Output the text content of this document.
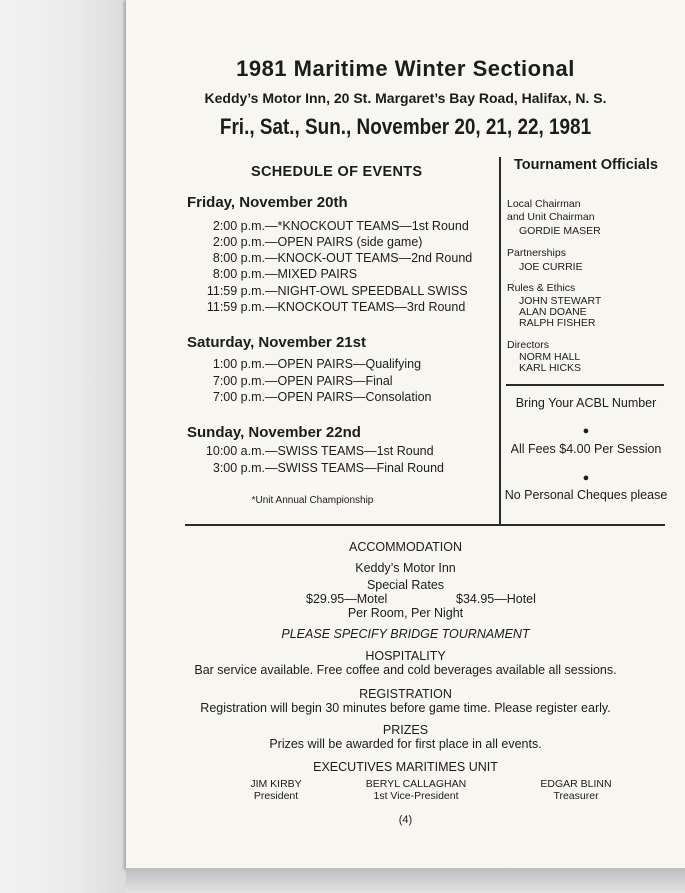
1981 Maritime Winter Sectional
Keddy’s Motor Inn, 20 St. Margaret’s Bay Road, Halifax, N. S.
Fri., Sat., Sun., November 20, 21, 22, 1981
SCHEDULE OF EVENTS
Friday, November 20th
2:00 p.m.—*KNOCKOUT TEAMS—1st Round
2:00 p.m.—OPEN PAIRS (side game)
8:00 p.m.—KNOCK-OUT TEAMS—2nd Round
8:00 p.m.—MIXED PAIRS
11:59 p.m.—NIGHT-OWL SPEEDBALL SWISS
11:59 p.m.—KNOCKOUT TEAMS—3rd Round
Saturday, November 21st
1:00 p.m.—OPEN PAIRS—Qualifying
7:00 p.m.—OPEN PAIRS—Final
7:00 p.m.—OPEN PAIRS—Consolation
Sunday, November 22nd
10:00 a.m.—SWISS TEAMS—1st Round
3:00 p.m.—SWISS TEAMS—Final Round
*Unit Annual Championship
Tournament Officials
Local Chairman
and Unit Chairman
GORDIE MASER
Partnerships
JOE CURRIE
Rules & Ethics
JOHN STEWART
ALAN DOANE
RALPH FISHER
Directors
NORM HALL
KARL HICKS
Bring Your ACBL Number
●
All Fees $4.00 Per Session
●
No Personal Cheques please
ACCOMMODATION
Keddy’s Motor Inn
Special Rates
$29.95—Motel	$34.95—Hotel
Per Room, Per Night
PLEASE SPECIFY BRIDGE TOURNAMENT
HOSPITALITY
Bar service available. Free coffee and cold beverages available all sessions.
REGISTRATION
Registration will begin 30 minutes before game time. Please register early.
PRIZES
Prizes will be awarded for first place in all events.
EXECUTIVES MARITIMES UNIT
JIM KIRBY
President
BERYL CALLAGHAN
1st Vice-President
EDGAR BLINN
Treasurer
(4)
